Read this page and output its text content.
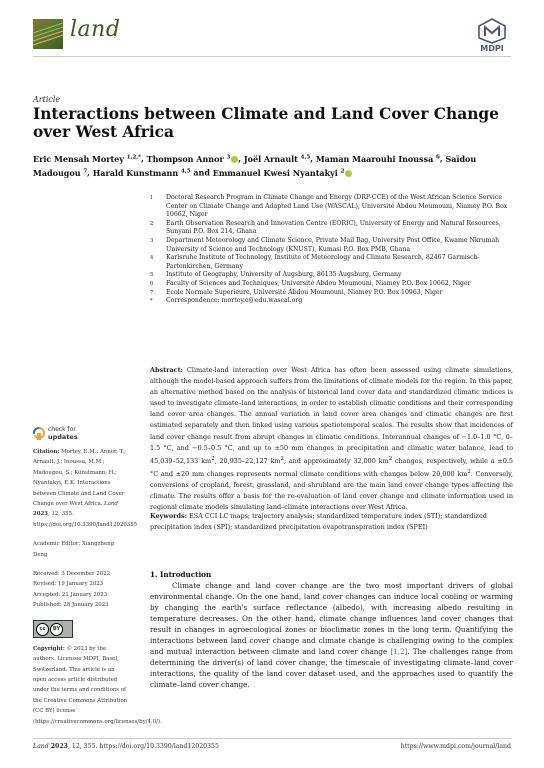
land
MDPI
Article
Interactions between Climate and Land Cover Change over West Africa
Eric Mensah Mortey $^{1,2,*}$, Thompson Annor $^3$ , Joël Arnault $^{4,5}$, Maman Maarouhi Inoussa $^6$, Saïdou Madougou $^7$, Harald Kunstmann $^{4,5}$ and Emmanuel Kwesi Nyantakyi $^2$
1 Doctoral Research Program in Climate Change and Energy (DRP-CCE) of the West African Science Service Center on Climate Change and Adapted Land Use (WASCAL), Université Abdou Moumouni, Niamey P.O. Box 10662, Niger
2 Earth Observation Research and Innovation Centre (EORIC), University of Energy and Natural Resources, Sunyani P.O. Box 214, Ghana
3 Department Meteorology and Climate Science, Private Mail Bag, University Post Office, Kwame Nkrumah University of Science and Technology (KNUST), Kumasi P.O. Box PMB, Ghana
4 Karlsruhe Institute of Technology, Institute of Meteorology and Climate Research, 82467 Garmisch-Partenkirchen, Germany
5 Institute of Geography, University of Augsburg, 86135 Augsburg, Germany
6 Faculty of Sciences and Techniques, Université Abdou Moumouni, Niamey P.O. Box 10662, Niger
7 Ecole Normale Superieure, Université Abdou Moumouni, Niamey P.O. Box 10963, Niger
* Correspondence: mortey.e@edu.wascal.org
check for
updates

Citation: Mortey, E.M.; Annor, T.; Arnault, J.; Inoussa, M.M.; Madougou, S.; Kunstmann, H.; Nyantakyi, E.K. Interactions between Climate and Land Cover Change over West Africa. Land 2023, 12, 355. https://doi.org/10.3390/land12020355

Academic Editor: Xiangzheng Deng

Received: 3 December 2022

Revised: 19 January 2023

Accepted: 21 January 2023

Published: 28 January 2023

cc	BY

Copyright: © 2023 by the authors. Licensee MDPI, Basel, Switzerland. This article is an open access article distributed under the terms and conditions of the Creative Commons Attribution (CC BY) license (https://creativecommons.org/licenses/by/4.0/).

Abstract: Climate-land interaction over West Africa has often been assessed using climate simulations, although the model-based approach suffers from the limitations of climate models for the region. In this paper, an alternative method based on the analysis of historical land cover data and standardized climatic indices is used to investigate climate–land interactions, in order to establish climatic conditions and their corresponding land cover area changes. The annual variation in land cover area changes and climatic changes are first estimated separately and then linked using various spatiotemporal scales. The results show that incidences of land cover change result from abrupt changes in climatic conditions. Interannual changes of −1.0–1.0 °C, 0–1.5 °C, and −0.5–0.5 °C, and up to ±50 mm changes in precipitation and climatic water balance, lead to 45,039–52,133 $km^2$, 20,935–22,127 $km^2$, and approximately 32,000 $km^2$ changes, respectively, while a ±0.5 °C and ±20 mm changes represents normal climate conditions with changes below 20,000 $km^2$. Conversely, conversions of cropland, forest, grassland, and shrubland are the main land cover change types affecting the climate. The results offer a basis for the re-evaluation of land cover change and climate information used in regional climate models simulating land–climate interactions over West Africa.
Keywords: ESA CCI LC maps; trajectory analysis; standardized temperature index (STI); standardized precipitation index (SPI); standardized precipitation evapotranspiration index (SPEI)
1. Introduction
Climate change and land cover change are the two most important drivers of global environmental change. On the one hand, land cover changes can induce local cooling or warming by changing the earth's surface reflectance (albedo), with increasing albedo resulting in temperature decreases. On the other hand, climate change influences land cover changes that result in changes in agroecological zones or bioclimatic zones in the long term. Quantifying the interactions between land cover change and climate change is challenging owing to the complex and mutual interaction between climate and land cover change [1,2]. The challenges range from determining the driver(s) of land cover change, the timescale of investigating climate–land cover interactions, the quality of the land cover dataset used, and the approaches used to quantify the climate–land cover change.
Land 2023, 12, 355. https://doi.org/10.3390/land12020355	https://www.mdpi.com/journal/land
